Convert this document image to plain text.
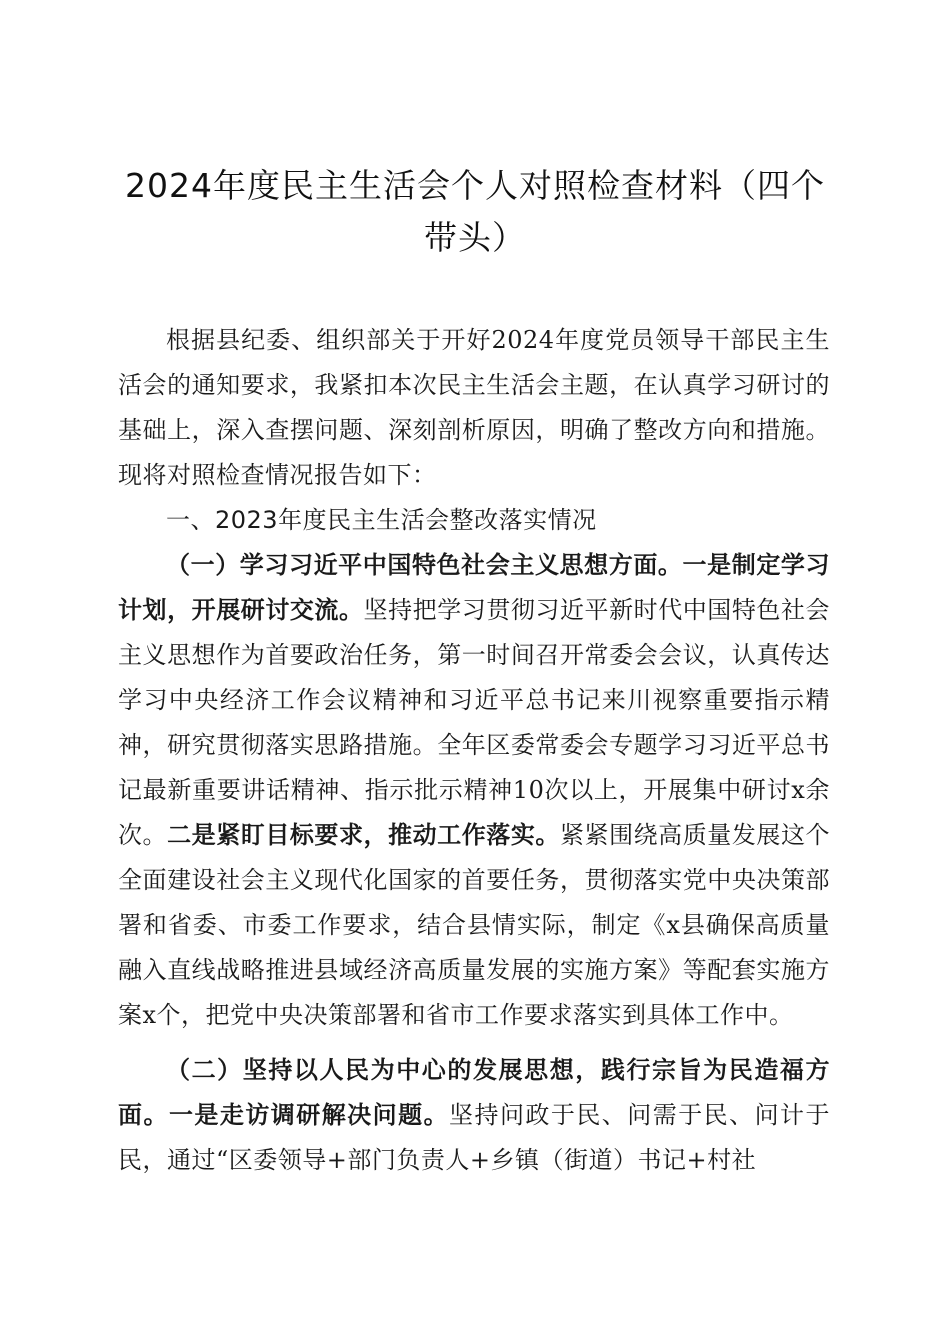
2024年度民主生活会个人对照检查材料（四个带头）

根据县纪委、组织部关于开好2024年度党员领导干部民主生活会的通知要求，我紧扣本次民主生活会主题，在认真学习研讨的基础上，深入查摆问题、深刻剖析原因，明确了整改方向和措施。现将对照检查情况报告如下：

一、2023年度民主生活会整改落实情况

（一）学习习近平中国特色社会主义思想方面。一是制定学习计划，开展研讨交流。坚持把学习贯彻习近平新时代中国特色社会主义思想作为首要政治任务，第一时间召开常委会会议，认真传达学习中央经济工作会议精神和习近平总书记来川视察重要指示精神，研究贯彻落实思路措施。全年区委常委会专题学习习近平总书记最新重要讲话精神、指示批示精神10次以上，开展集中研讨x余次。二是紧盯目标要求，推动工作落实。紧紧围绕高质量发展这个全面建设社会主义现代化国家的首要任务，贯彻落实党中央决策部署和省委、市委工作要求，结合县情实际，制定《x县确保高质量融入直线战略推进县域经济高质量发展的实施方案》等配套实施方案x个，把党中央决策部署和省市工作要求落实到具体工作中。

（二）坚持以人民为中心的发展思想，践行宗旨为民造福方面。一是走访调研解决问题。坚持问政于民、问需于民、问计于民，通过“区委领导+部门负责人+乡镇（街道）书记+村社
